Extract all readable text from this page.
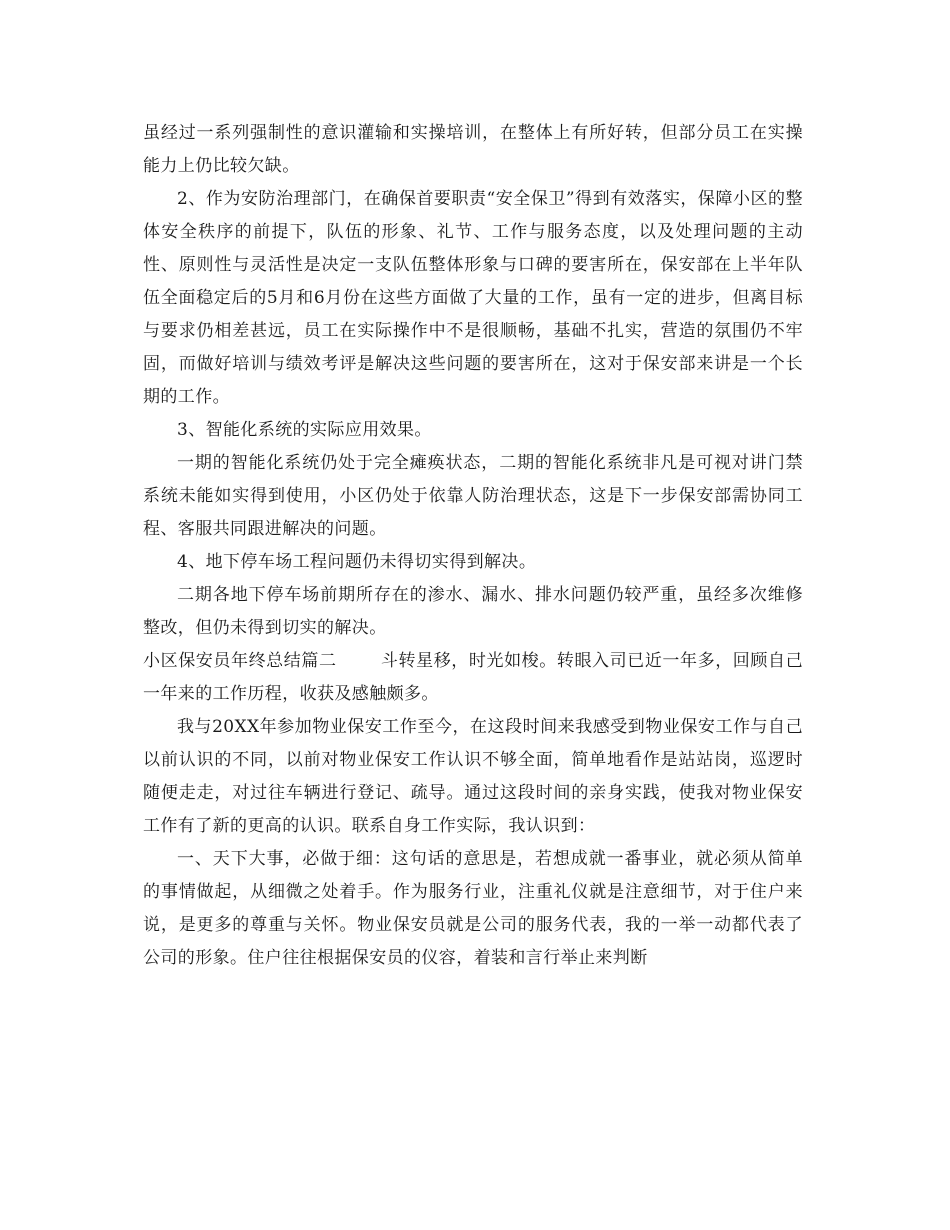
虽经过一系列强制性的意识灌输和实操培训，在整体上有所好转，但部分员工在实操能力上仍比较欠缺。

2、作为安防治理部门，在确保首要职责“安全保卫”得到有效落实，保障小区的整体安全秩序的前提下，队伍的形象、礼节、工作与服务态度，以及处理问题的主动性、原则性与灵活性是决定一支队伍整体形象与口碑的要害所在，保安部在上半年队伍全面稳定后的5月和6月份在这些方面做了大量的工作，虽有一定的进步，但离目标与要求仍相差甚远，员工在实际操作中不是很顺畅，基础不扎实，营造的氛围仍不牢固，而做好培训与绩效考评是解决这些问题的要害所在，这对于保安部来讲是一个长期的工作。

3、智能化系统的实际应用效果。

一期的智能化系统仍处于完全瘫痪状态，二期的智能化系统非凡是可视对讲门禁系统未能如实得到使用，小区仍处于依靠人防治理状态，这是下一步保安部需协同工程、客服共同跟进解决的问题。

4、地下停车场工程问题仍未得切实得到解决。

二期各地下停车场前期所存在的渗水、漏水、排水问题仍较严重，虽经多次维修整改，但仍未得到切实的解决。

小区保安员年终总结篇二	斗转星移，时光如梭。转眼入司已近一年多，回顾自己一年来的工作历程，收获及感触颇多。

我与20XX年参加物业保安工作至今，在这段时间来我感受到物业保安工作与自己以前认识的不同，以前对物业保安工作认识不够全面，简单地看作是站站岗，巡逻时随便走走，对过往车辆进行登记、疏导。通过这段时间的亲身实践，使我对物业保安工作有了新的更高的认识。联系自身工作实际，我认识到：

一、天下大事，必做于细：这句话的意思是，若想成就一番事业，就必须从简单的事情做起，从细微之处着手。作为服务行业，注重礼仪就是注意细节，对于住户来说，是更多的尊重与关怀。物业保安员就是公司的服务代表，我的一举一动都代表了公司的形象。住户往往根据保安员的仪容，着装和言行举止来判断
